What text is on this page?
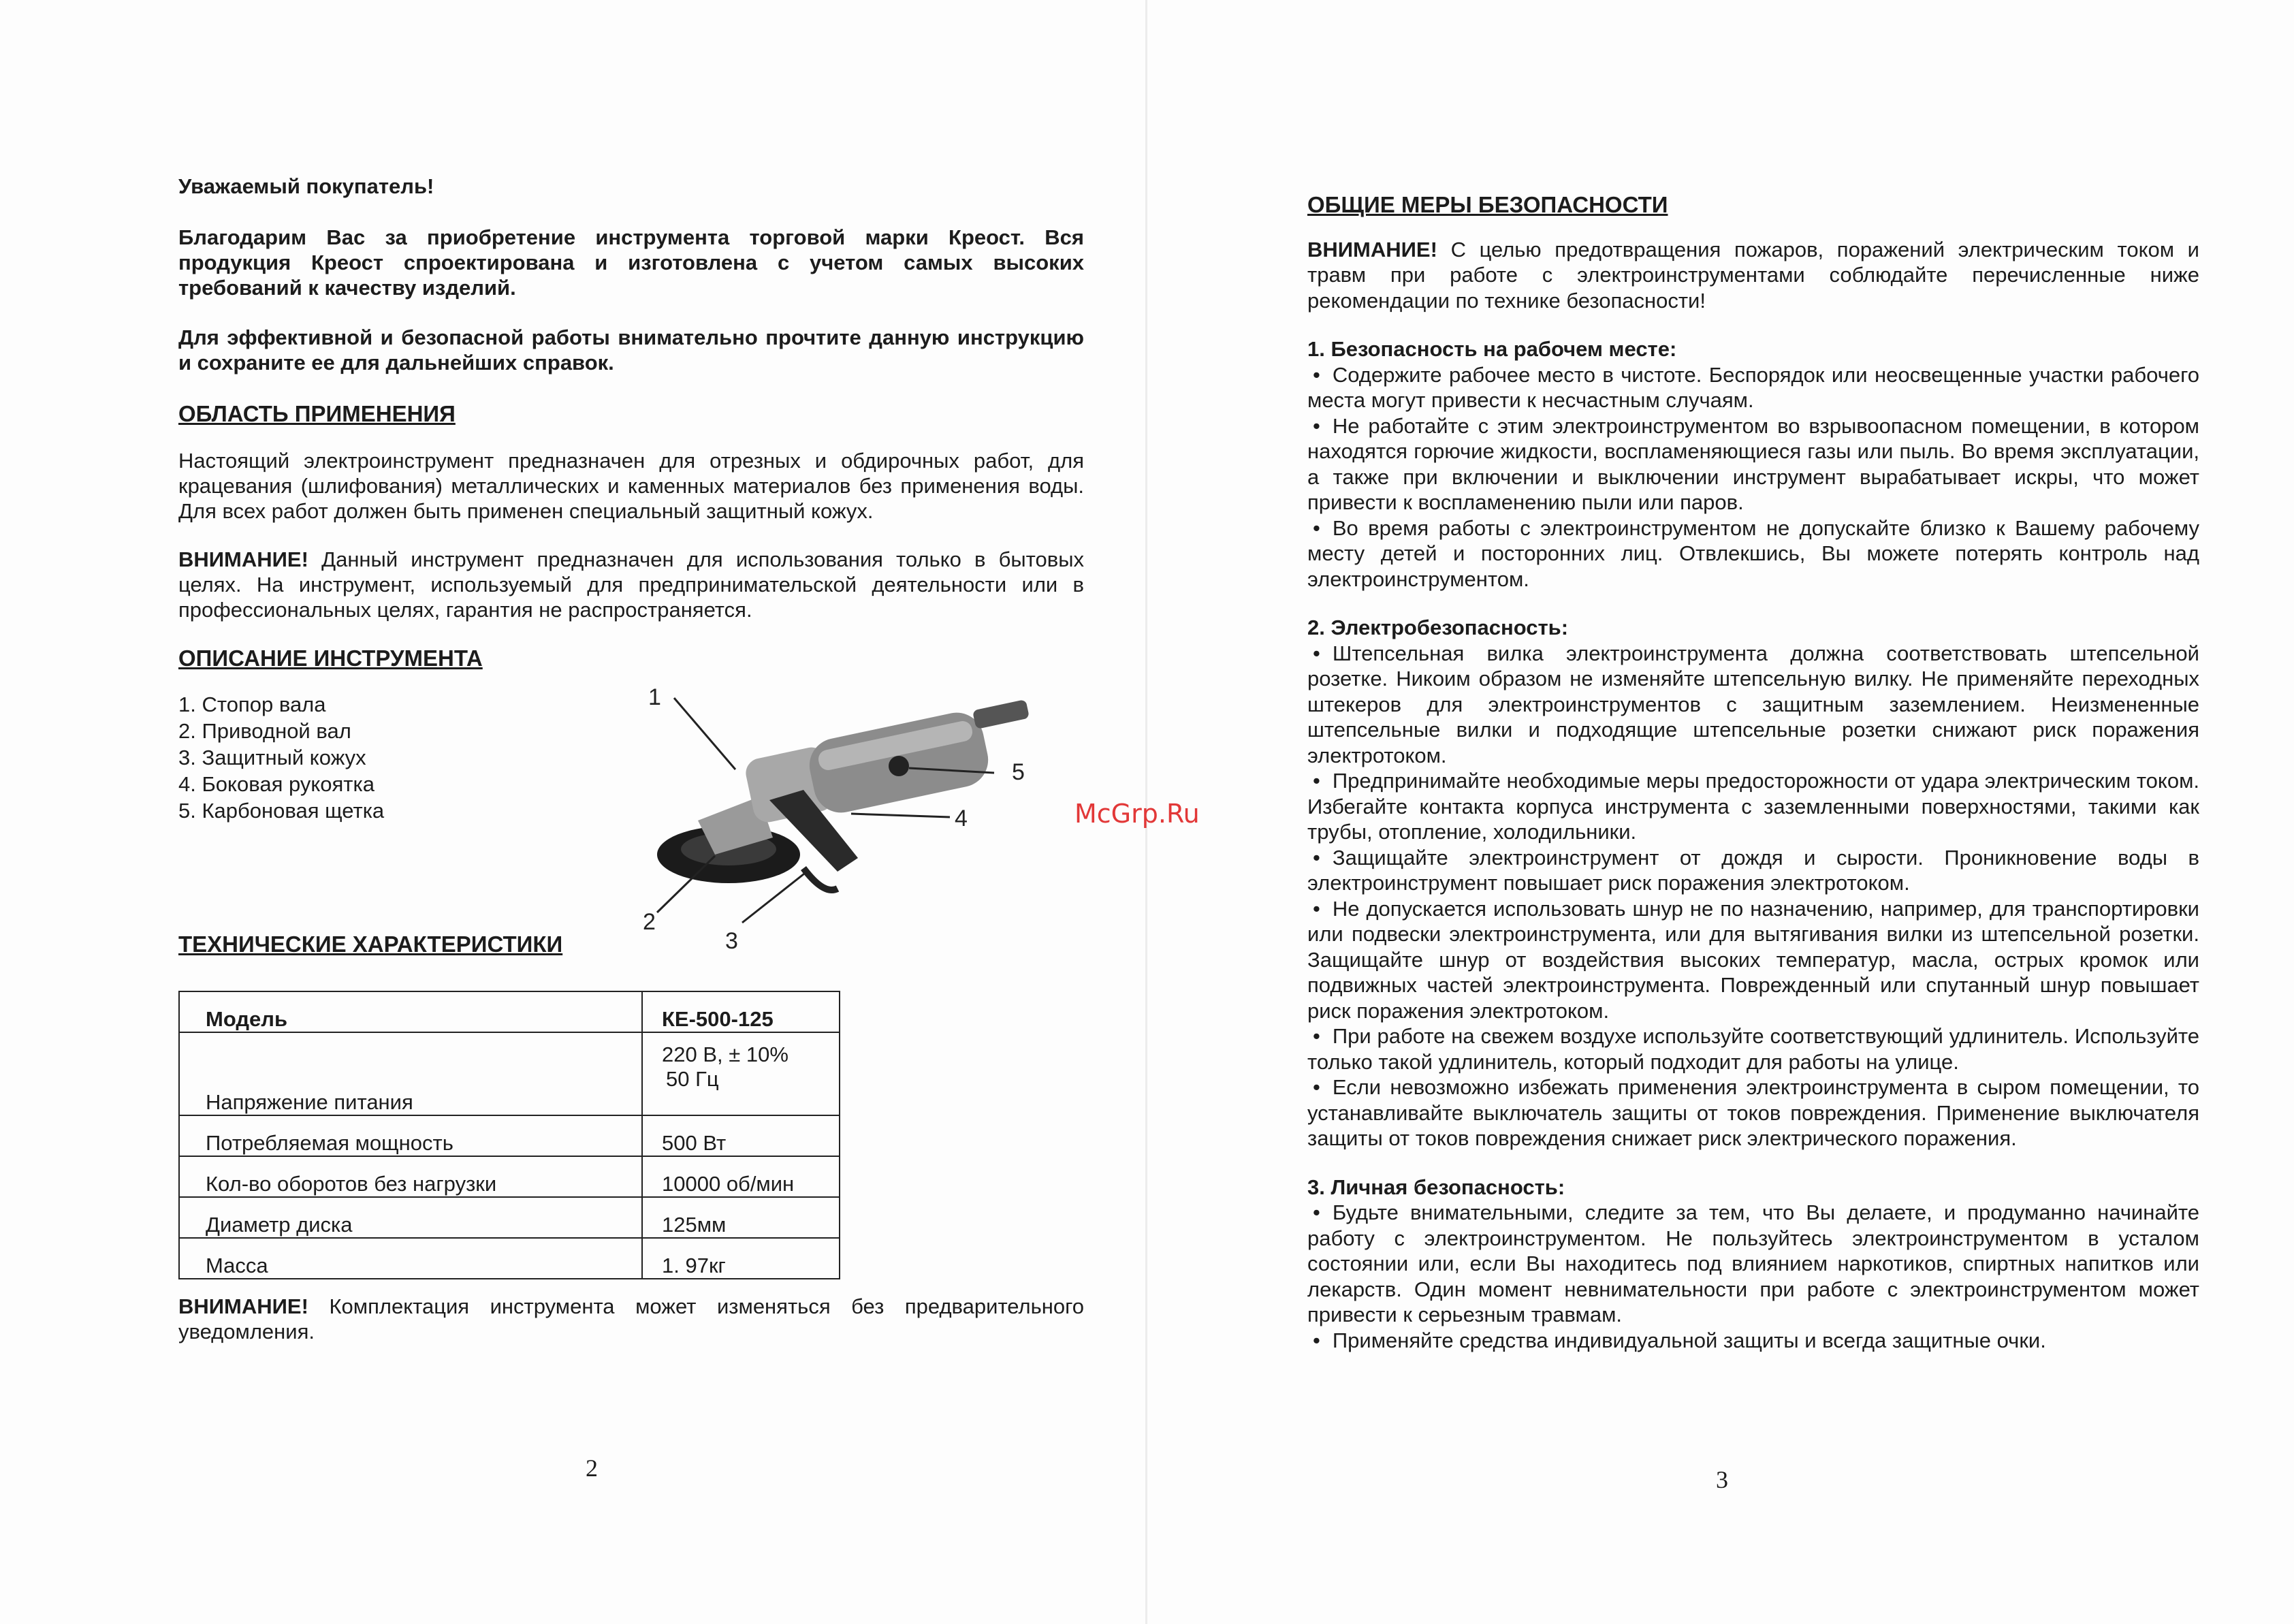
Уважаемый покупатель!

Благодарим Вас за приобретение инструмента торговой марки Креост. Вся продукция Креост спроектирована и изготовлена с учетом самых высоких требований к качеству изделий.

Для эффективной и безопасной работы внимательно прочтите данную инструкцию и сохраните ее для дальнейших справок.

ОБЛАСТЬ ПРИМЕНЕНИЯ

Настоящий электроинструмент предназначен для отрезных и обдирочных работ, для крацевания (шлифования) металлических и каменных материалов без применения воды. Для всех работ должен быть применен специальный защитный кожух.

ВНИМАНИЕ! Данный инструмент предназначен для использования только в бытовых целях. На инструмент, используемый для предпринимательской деятельности или в профессиональных целях, гарантия не распространяется.

ОПИСАНИЕ ИНСТРУМЕНТА

1. Стопор вала
2. Приводной вал
3. Защитный кожух
4. Боковая рукоятка
5. Карбоновая щетка
1
2
3
4
5

ТЕХНИЧЕСКИЕ ХАРАКТЕРИСТИКИ

Модель	КЕ-500-125
Напряжение питания	220 В, ± 10%
50 Гц

Потребляемая мощность	500 Вт
Кол-во оборотов без нагрузки	10000 об/мин
Диаметр диска	125мм
Масса	1. 97кг

ВНИМАНИЕ! Комплектация инструмента может изменяться без предварительного уведомления.

2

ОБЩИЕ МЕРЫ БЕЗОПАСНОСТИ

ВНИМАНИЕ! С целью предотвращения пожаров, поражений электрическим током и травм при работе с электроинструментами соблюдайте перечисленные ниже рекомендации по технике безопасности!

1. Безопасность на рабочем месте:

• Содержите рабочее место в чистоте. Беспорядок или неосвещенные участки рабочего места могут привести к несчастным случаям.

• Не работайте с этим электроинструментом во взрывоопасном помещении, в котором находятся горючие жидкости, воспламеняющиеся газы или пыль. Во время эксплуатации, а также при включении и выключении инструмент вырабатывает искры, что может привести к воспламенению пыли или паров.

• Во время работы с электроинструментом не допускайте близко к Вашему рабочему месту детей и посторонних лиц. Отвлекшись, Вы можете потерять контроль над электроинструментом.

2. Электробезопасность:

• Штепсельная вилка электроинструмента должна соответствовать штепсельной розетке. Никоим образом не изменяйте штепсельную вилку. Не применяйте переходных штекеров для электроинструментов с защитным заземлением. Неизмененные штепсельные вилки и подходящие штепсельные розетки снижают риск поражения электротоком.

• Предпринимайте необходимые меры предосторожности от удара электрическим током. Избегайте контакта корпуса инструмента с заземленными поверхностями, такими как трубы, отопление, холодильники.

• Защищайте электроинструмент от дождя и сырости. Проникновение воды в электроинструмент повышает риск поражения электротоком.

• Не допускается использовать шнур не по назначению, например, для транспортировки или подвески электроинструмента, или для вытягивания вилки из штепсельной розетки. Защищайте шнур от воздействия высоких температур, масла, острых кромок или подвижных частей электроинструмента. Поврежденный или спутанный шнур повышает риск поражения электротоком.

• При работе на свежем воздухе используйте соответствующий удлинитель. Используйте только такой удлинитель, который подходит для работы на улице.

• Если невозможно избежать применения электроинструмента в сыром помещении, то устанавливайте выключатель защиты от токов повреждения. Применение выключателя защиты от токов повреждения снижает риск электрического поражения.

3. Личная безопасность:

• Будьте внимательными, следите за тем, что Вы делаете, и продуманно начинайте работу с электроинструментом. Не пользуйтесь электроинструментом в усталом состоянии или, если Вы находитесь под влиянием наркотиков, спиртных напитков или лекарств. Один момент невнимательности при работе с электроинструментом может привести к серьезным травмам.

• Применяйте средства индивидуальной защиты и всегда защитные очки.

3
McGrp.Ru
